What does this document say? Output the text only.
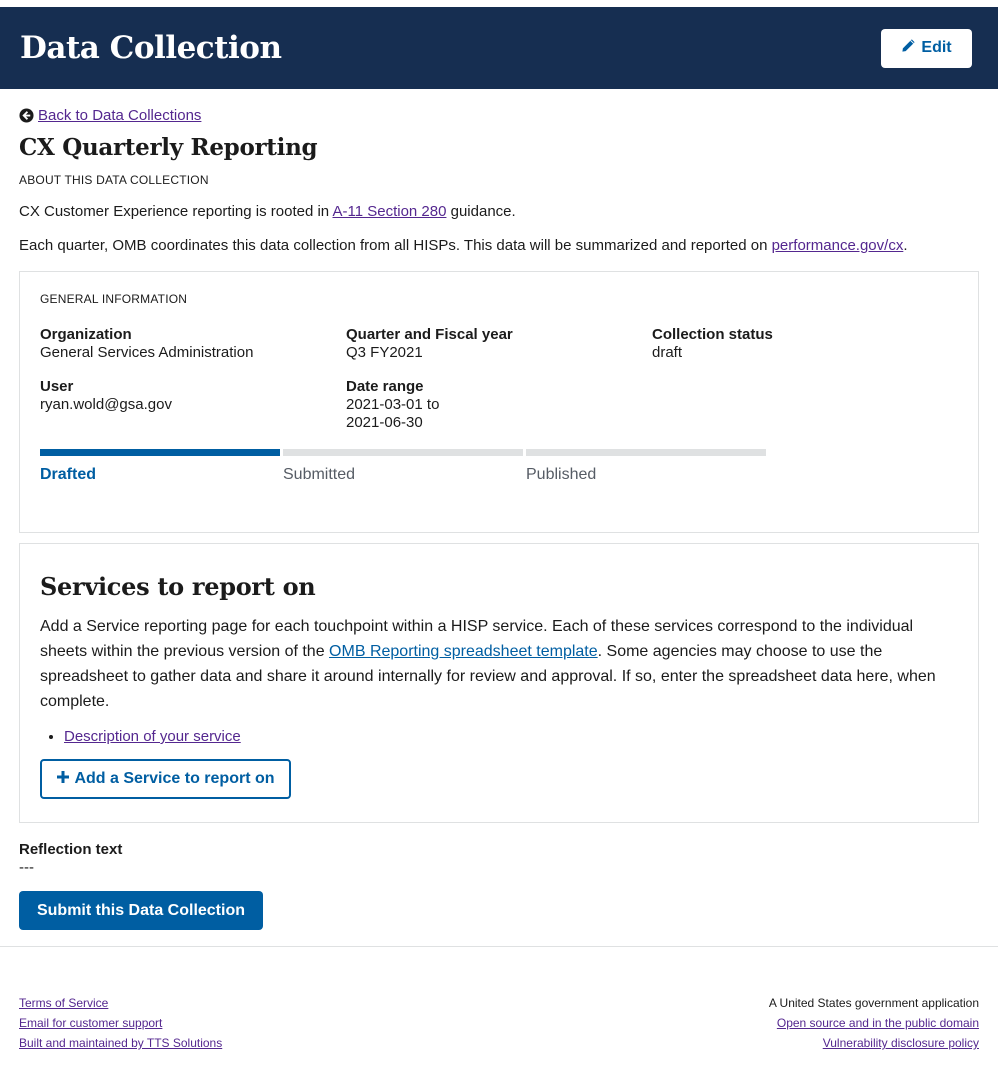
Data Collection	Edit
Back to Data Collections
CX Quarterly Reporting
ABOUT THIS DATA COLLECTION
CX Customer Experience reporting is rooted in A-11 Section 280 guidance.
Each quarter, OMB coordinates this data collection from all HISPs. This data will be summarized and reported on performance.gov/cx.
GENERAL INFORMATION
Organization
General Services Administration
Quarter and Fiscal year
Q3 FY2021
Collection status
draft
User
ryan.wold@gsa.gov
Date range
2021-03-01 to
2021-06-30
Drafted	Submitted	Published
Services to report on
Add a Service reporting page for each touchpoint within a HISP service. Each of these services correspond to the individual sheets within the previous version of the OMB Reporting spreadsheet template. Some agencies may choose to use the spreadsheet to gather data and share it around internally for review and approval. If so, enter the spreadsheet data here, when complete.
• Description of your service
Add a Service to report on
Reflection text
---
Submit this Data Collection
Terms of Service
Email for customer support
Built and maintained by TTS Solutions
A United States government application
Open source and in the public domain
Vulnerability disclosure policy
